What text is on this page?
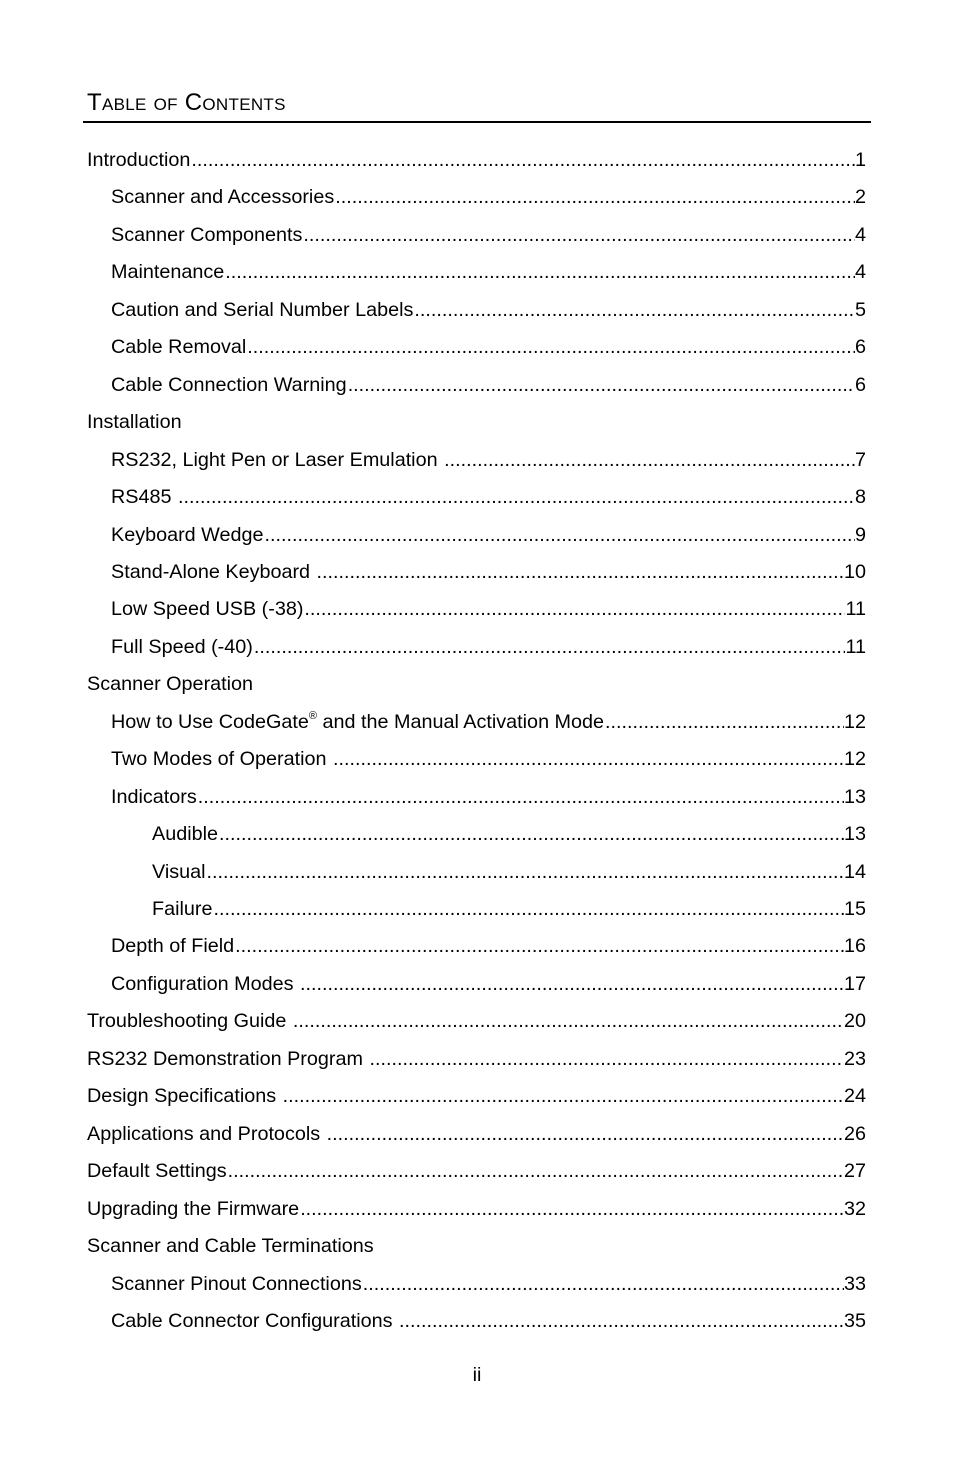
Table of Contents
Introduction .....	1
Scanner and Accessories .....	2
Scanner Components .....	4
Maintenance .....	4
Caution and Serial Number Labels .....	5
Cable Removal .....	6
Cable Connection Warning .....	6
Installation
RS232, Light Pen or Laser Emulation .....	7
RS485 .....	8
Keyboard Wedge .....	9
Stand-Alone Keyboard .....	10
Low Speed USB (-38) .....	11
Full Speed (-40) .....	11
Scanner Operation
How to Use CodeGate® and the Manual Activation Mode .....	12
Two Modes of Operation .....	12
Indicators .....	13
Audible .....	13
Visual .....	14
Failure .....	15
Depth of Field .....	16
Configuration Modes .....	17
Troubleshooting Guide .....	20
RS232 Demonstration Program .....	23
Design Specifications .....	24
Applications and Protocols .....	26
Default Settings .....	27
Upgrading the Firmware .....	32
Scanner and Cable Terminations
Scanner Pinout Connections .....	33
Cable Connector Configurations .....	35
ii
